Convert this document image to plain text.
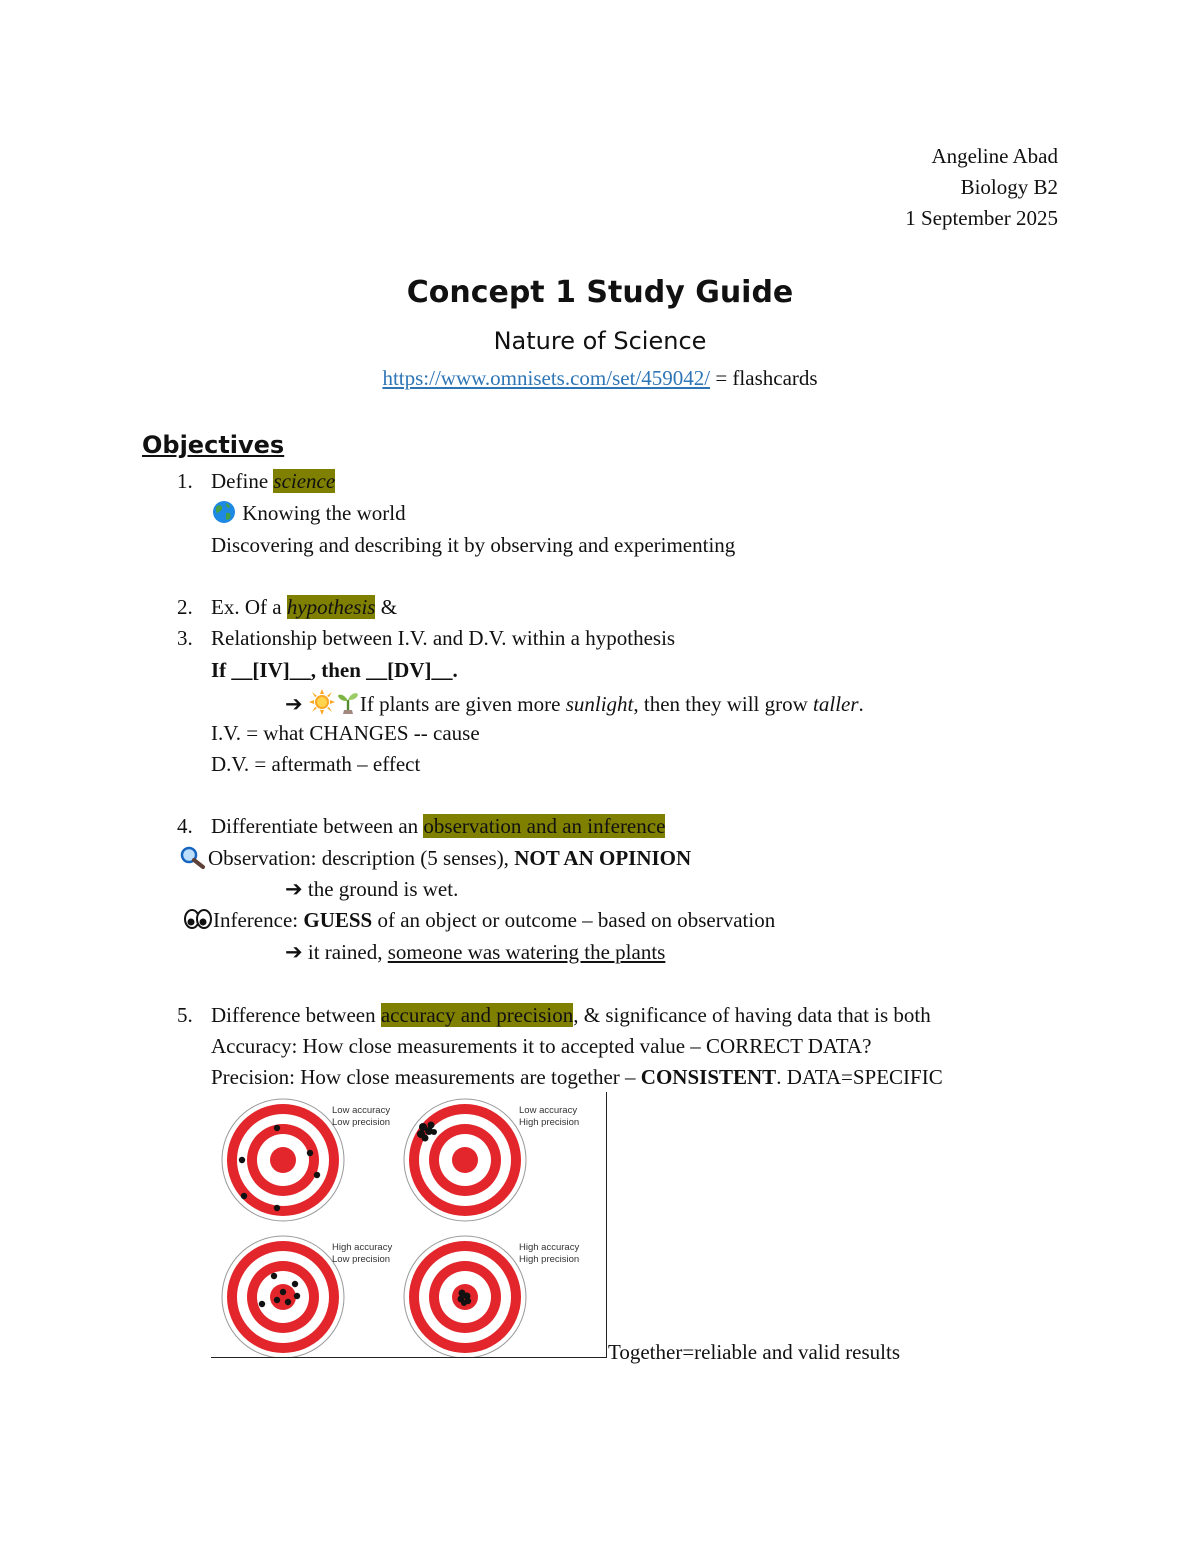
Angeline Abad
Biology B2
1 September 2025
Concept 1 Study Guide
Nature of Science
https://www.omnisets.com/set/459042/ = flashcards
Objectives
1. Define science
Knowing the world
Discovering and describing it by observing and experimenting
2. Ex. Of a hypothesis &
3. Relationship between I.V. and D.V. within a hypothesis
If __[IV]__, then __[DV]__.
➔	If plants are given more sunlight, then they will grow taller.
I.V. = what CHANGES -- cause
D.V. = aftermath – effect
4. Differentiate between an observation and an inference
Observation: description (5 senses), NOT AN OPINION
➔ the ground is wet.
Inference: GUESS of an object or outcome – based on observation
➔ it rained, someone was watering the plants
5. Difference between accuracy and precision, & significance of having data that is both
Accuracy: How close measurements it to accepted value – CORRECT DATA?
Precision: How close measurements are together – CONSISTENT. DATA=SPECIFIC
Low accuracy
Low precision
Low accuracy
High precision
High accuracy
Low precision
High accuracy
High precision
Together=reliable and valid results
